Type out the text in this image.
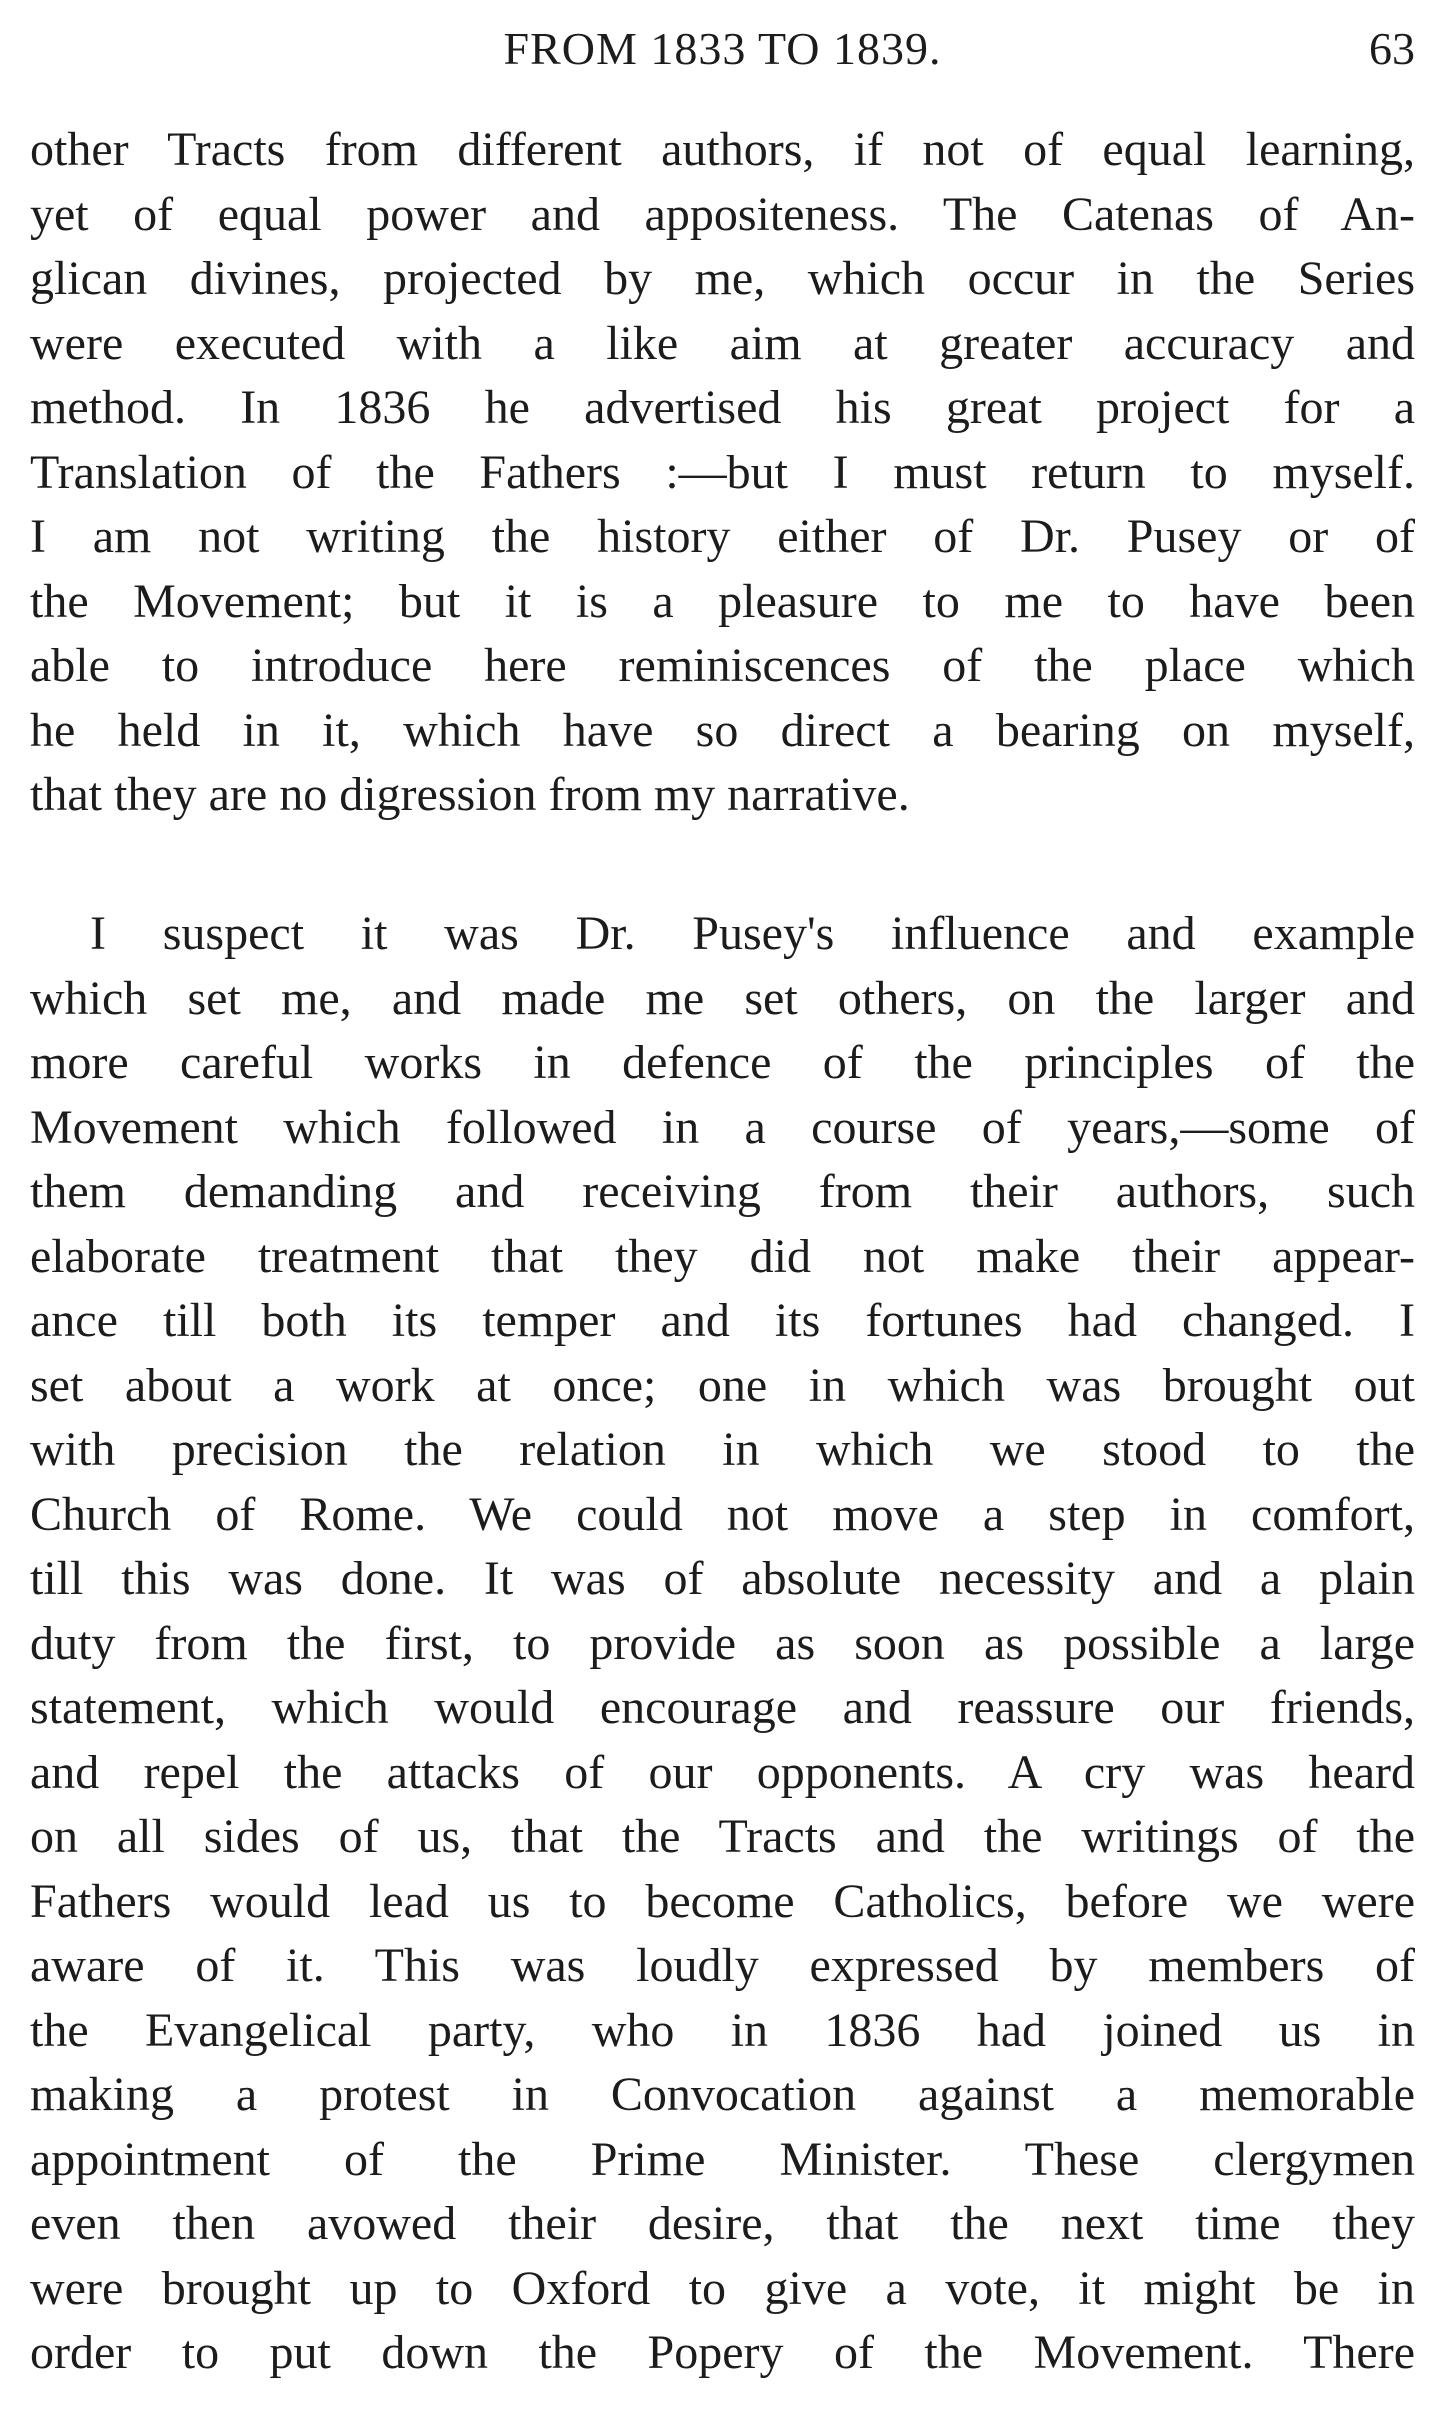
FROM 1833 TO 1839.	63

other Tracts from different authors, if not of equal learning,
yet of equal power and appositeness. The Catenas of An-
glican divines, projected by me, which occur in the Series
were executed with a like aim at greater accuracy and
method. In 1836 he advertised his great project for a
Translation of the Fathers :—but I must return to myself.
I am not writing the history either of Dr. Pusey or of
the Movement; but it is a pleasure to me to have been
able to introduce here reminiscences of the place which
he held in it, which have so direct a bearing on myself,
that they are no digression from my narrative.

I suspect it was Dr. Pusey's influence and example
which set me, and made me set others, on the larger and
more careful works in defence of the principles of the
Movement which followed in a course of years,—some of
them demanding and receiving from their authors, such
elaborate treatment that they did not make their appear-
ance till both its temper and its fortunes had changed. I
set about a work at once; one in which was brought out
with precision the relation in which we stood to the
Church of Rome. We could not move a step in comfort,
till this was done. It was of absolute necessity and a plain
duty from the first, to provide as soon as possible a large
statement, which would encourage and reassure our friends,
and repel the attacks of our opponents. A cry was heard
on all sides of us, that the Tracts and the writings of the
Fathers would lead us to become Catholics, before we were
aware of it. This was loudly expressed by members of
the Evangelical party, who in 1836 had joined us in
making a protest in Convocation against a memorable
appointment of the Prime Minister. These clergymen
even then avowed their desire, that the next time they
were brought up to Oxford to give a vote, it might be in
order to put down the Popery of the Movement. There
